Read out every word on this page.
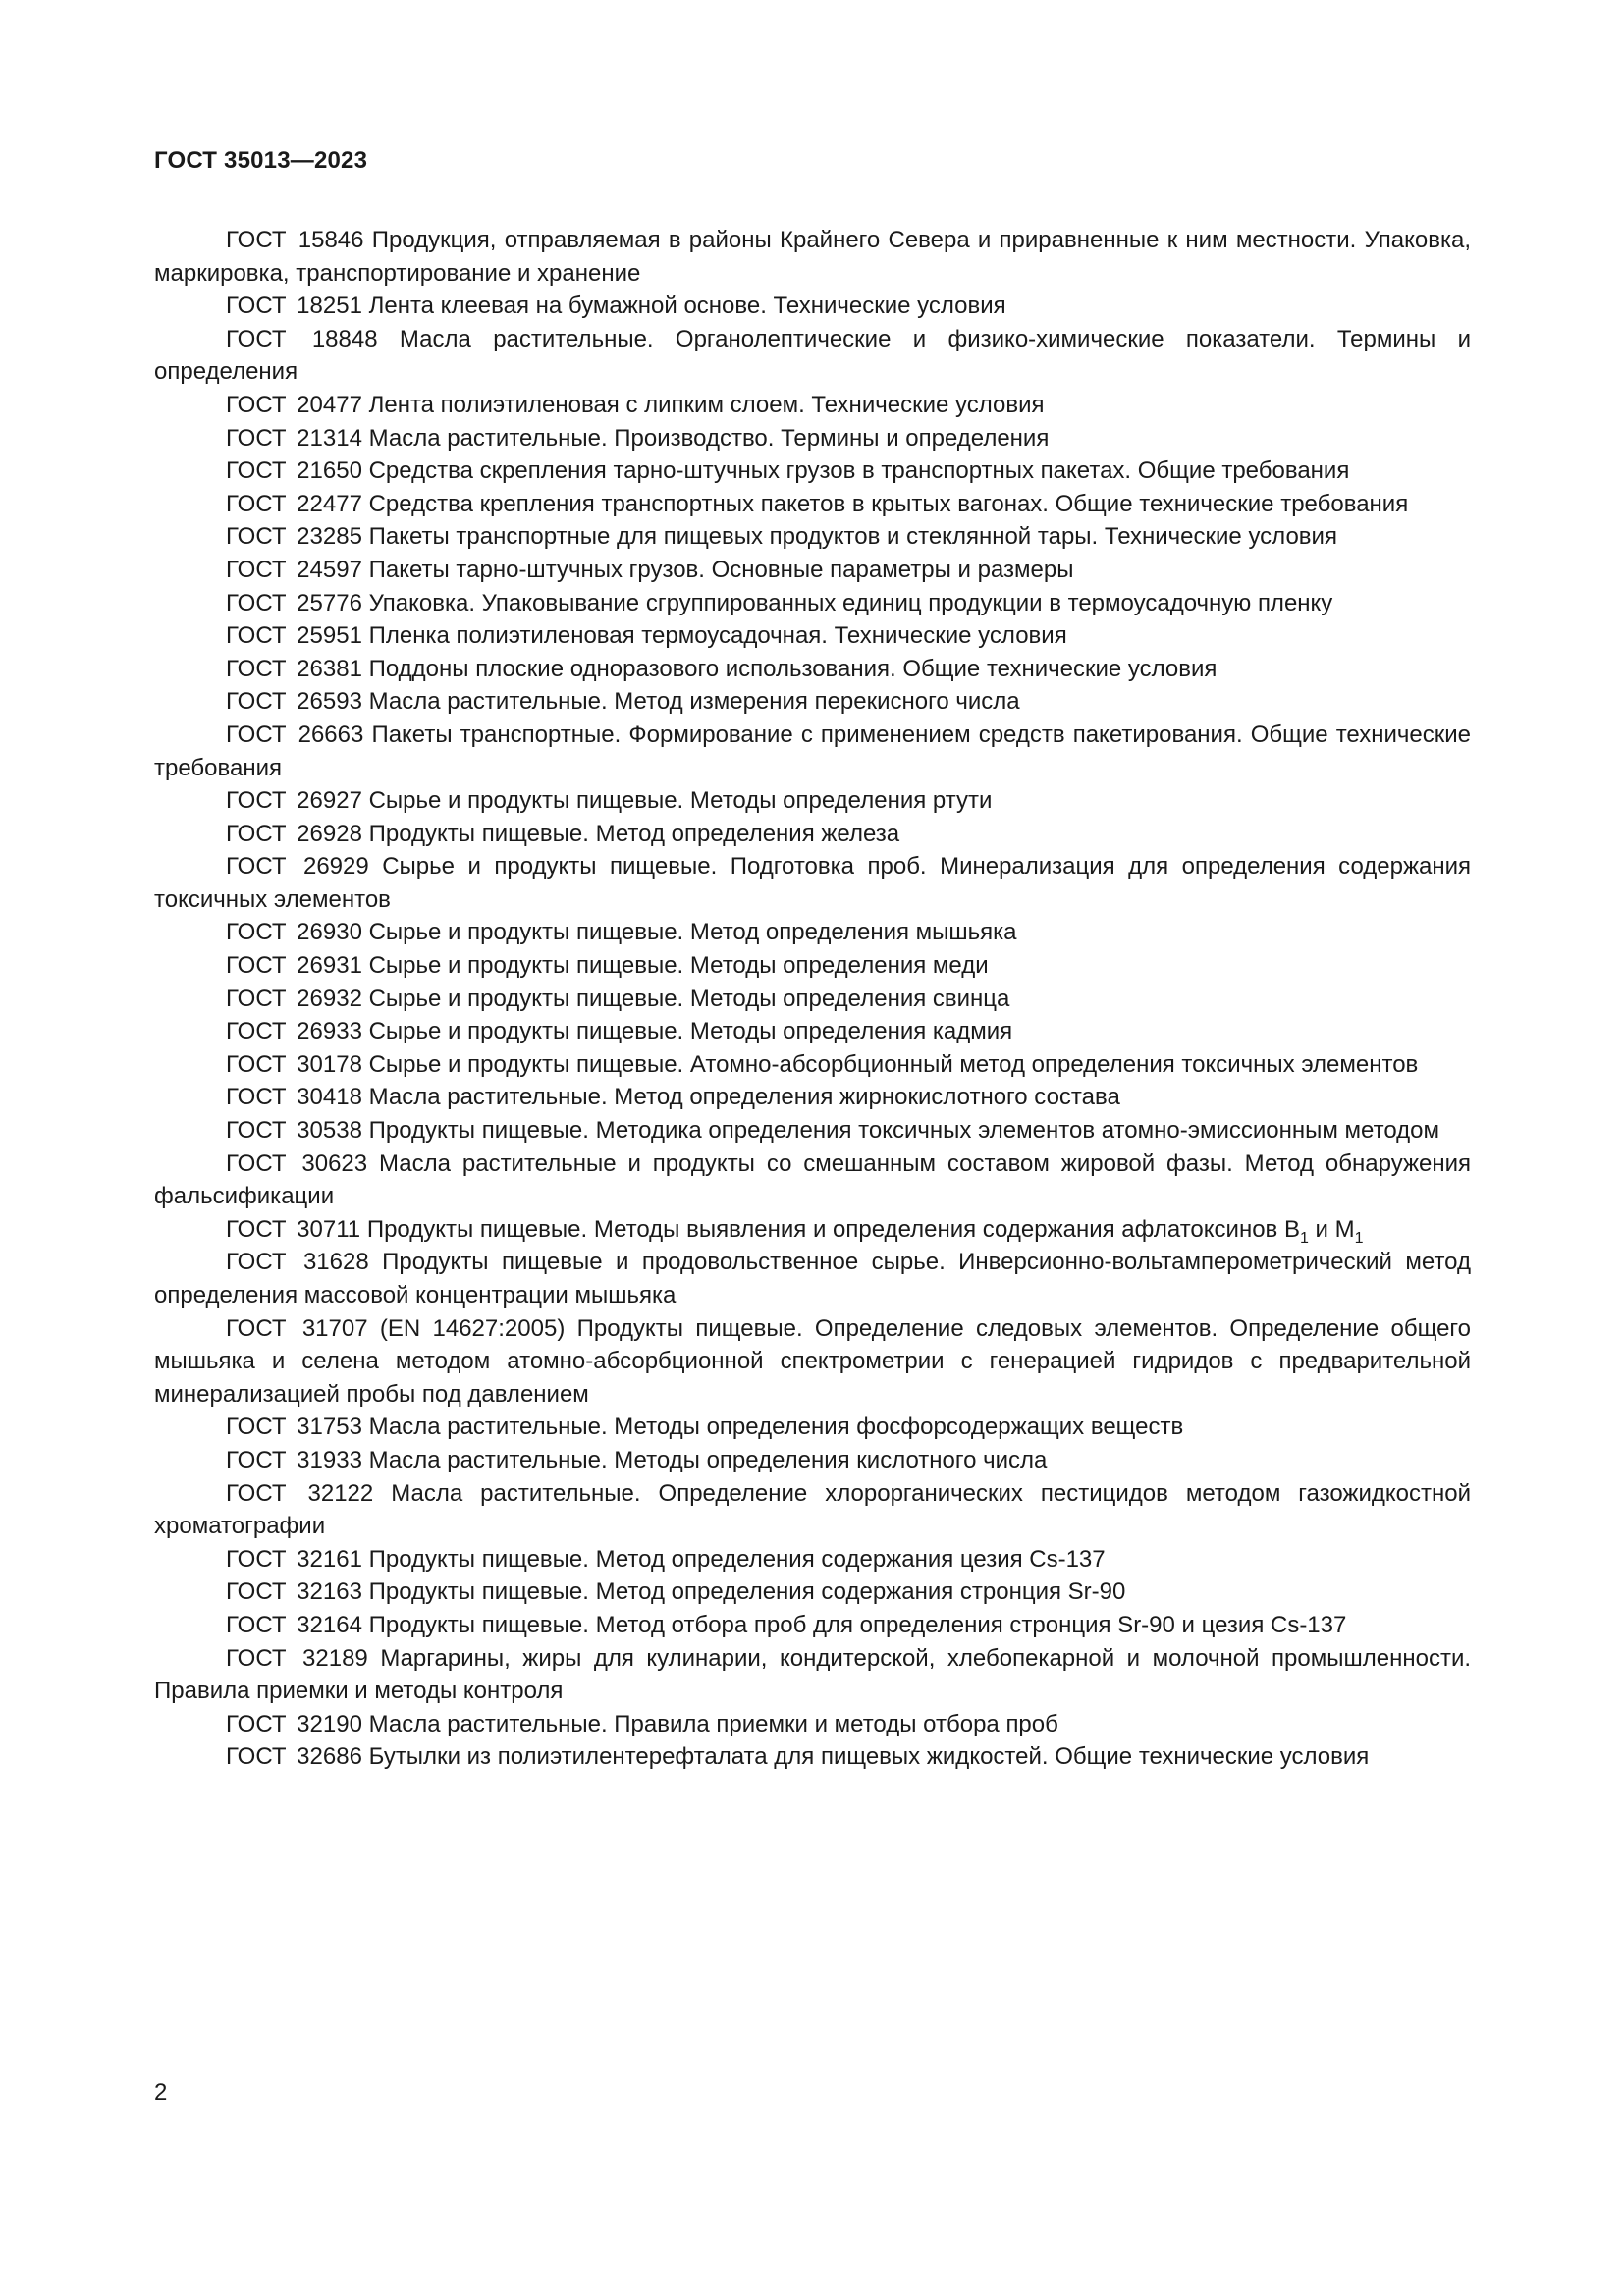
ГОСТ 35013—2023

ГОСТ 15846 Продукция, отправляемая в районы Крайнего Севера и приравненные к ним местности. Упаковка, маркировка, транспортирование и хранение

ГОСТ 18251 Лента клеевая на бумажной основе. Технические условия

ГОСТ 18848 Масла растительные. Органолептические и физико-химические показатели. Термины и определения

ГОСТ 20477 Лента полиэтиленовая с липким слоем. Технические условия

ГОСТ 21314 Масла растительные. Производство. Термины и определения

ГОСТ 21650 Средства скрепления тарно-штучных грузов в транспортных пакетах. Общие требования

ГОСТ 22477 Средства крепления транспортных пакетов в крытых вагонах. Общие технические требования

ГОСТ 23285 Пакеты транспортные для пищевых продуктов и стеклянной тары. Технические условия

ГОСТ 24597 Пакеты тарно-штучных грузов. Основные параметры и размеры

ГОСТ 25776 Упаковка. Упаковывание сгруппированных единиц продукции в термоусадочную пленку

ГОСТ 25951 Пленка полиэтиленовая термоусадочная. Технические условия

ГОСТ 26381 Поддоны плоские одноразового использования. Общие технические условия

ГОСТ 26593 Масла растительные. Метод измерения перекисного числа

ГОСТ 26663 Пакеты транспортные. Формирование с применением средств пакетирования. Общие технические требования

ГОСТ 26927 Сырье и продукты пищевые. Методы определения ртути

ГОСТ 26928 Продукты пищевые. Метод определения железа

ГОСТ 26929 Сырье и продукты пищевые. Подготовка проб. Минерализация для определения содержания токсичных элементов

ГОСТ 26930 Сырье и продукты пищевые. Метод определения мышьяка

ГОСТ 26931 Сырье и продукты пищевые. Методы определения меди

ГОСТ 26932 Сырье и продукты пищевые. Методы определения свинца

ГОСТ 26933 Сырье и продукты пищевые. Методы определения кадмия

ГОСТ 30178 Сырье и продукты пищевые. Атомно-абсорбционный метод определения токсичных элементов

ГОСТ 30418 Масла растительные. Метод определения жирнокислотного состава

ГОСТ 30538 Продукты пищевые. Методика определения токсичных элементов атомно-эмиссионным методом

ГОСТ 30623 Масла растительные и продукты со смешанным составом жировой фазы. Метод обнаружения фальсификации

ГОСТ 30711 Продукты пищевые. Методы выявления и определения содержания афлатоксинов $B_1$ и $M_1$

ГОСТ 31628 Продукты пищевые и продовольственное сырье. Инверсионно-вольтамперометрический метод определения массовой концентрации мышьяка

ГОСТ 31707 (EN 14627:2005) Продукты пищевые. Определение следовых элементов. Определение общего мышьяка и селена методом атомно-абсорбционной спектрометрии с генерацией гидридов с предварительной минерализацией пробы под давлением

ГОСТ 31753 Масла растительные. Методы определения фосфорсодержащих веществ

ГОСТ 31933 Масла растительные. Методы определения кислотного числа

ГОСТ 32122 Масла растительные. Определение хлорорганических пестицидов методом газожидкостной хроматографии

ГОСТ 32161 Продукты пищевые. Метод определения содержания цезия Cs-137

ГОСТ 32163 Продукты пищевые. Метод определения содержания стронция Sr-90

ГОСТ 32164 Продукты пищевые. Метод отбора проб для определения стронция Sr-90 и цезия Cs-137

ГОСТ 32189 Маргарины, жиры для кулинарии, кондитерской, хлебопекарной и молочной промышленности. Правила приемки и методы контроля

ГОСТ 32190 Масла растительные. Правила приемки и методы отбора проб

ГОСТ 32686 Бутылки из полиэтилентерефталата для пищевых жидкостей. Общие технические условия

2
